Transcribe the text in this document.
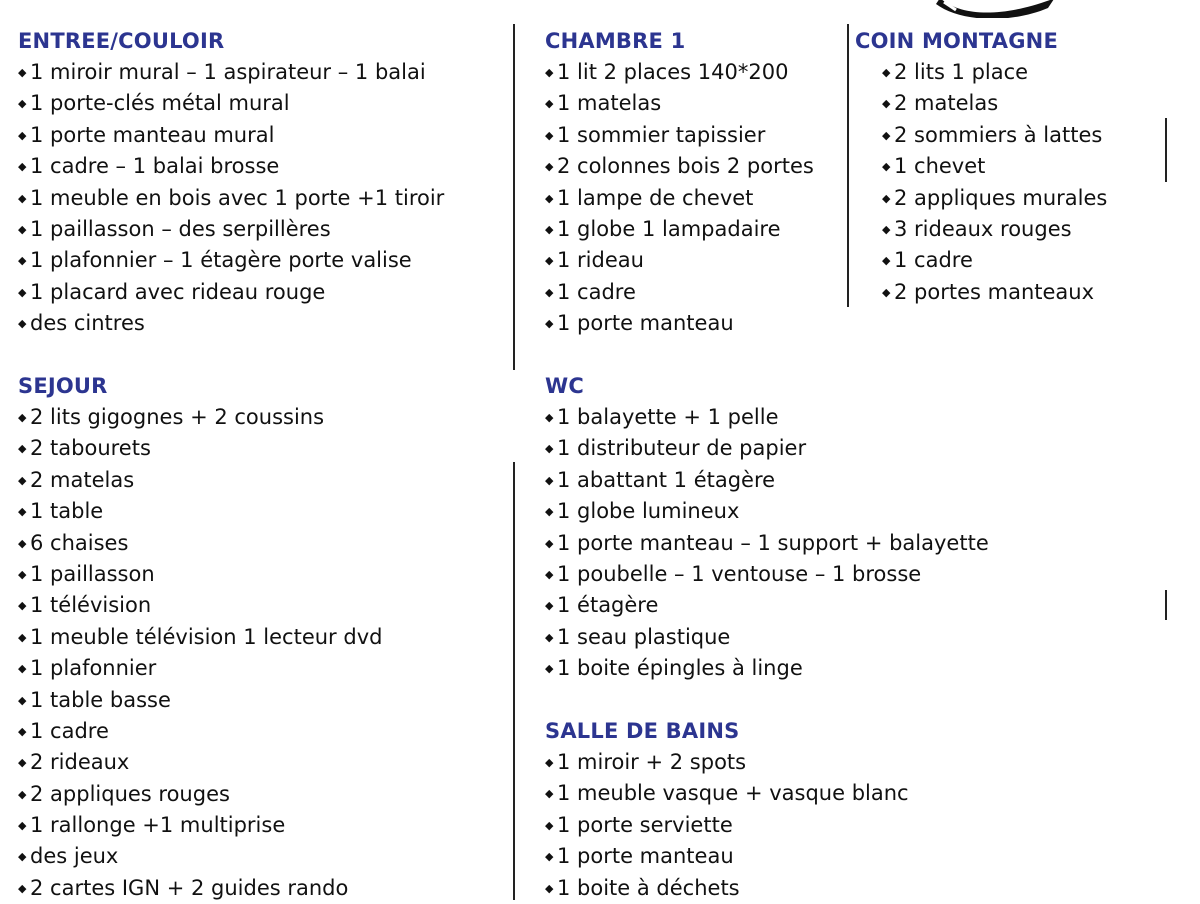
ENTREE/COULOIR
◆ 1 miroir mural – 1 aspirateur – 1 balai
◆ 1 porte-clés métal mural
◆ 1 porte manteau mural
◆ 1 cadre – 1 balai brosse
◆ 1 meuble en bois avec 1 porte +1 tiroir
◆ 1 paillasson – des serpillères
◆ 1 plafonnier – 1 étagère porte valise
◆ 1 placard avec rideau rouge
◆ des cintres
SEJOUR
◆ 2 lits gigognes + 2 coussins
◆ 2 tabourets
◆ 2 matelas
◆ 1 table
◆ 6 chaises
◆ 1 paillasson
◆ 1 télévision
◆ 1 meuble télévision 1 lecteur dvd
◆ 1 plafonnier
◆ 1 table basse
◆ 1 cadre
◆ 2 rideaux
◆ 2 appliques rouges
◆ 1 rallonge +1 multiprise
◆ des jeux
◆ 2 cartes IGN + 2 guides rando
CHAMBRE 1
◆ 1 lit 2 places 140*200
◆ 1 matelas
◆ 1 sommier tapissier
◆ 2 colonnes bois 2 portes
◆ 1 lampe de chevet
◆ 1 globe 1 lampadaire
◆ 1 rideau
◆ 1 cadre
◆ 1 porte manteau
COIN MONTAGNE
◆ 2 lits 1 place
◆ 2 matelas
◆ 2 sommiers à lattes
◆ 1 chevet
◆ 2 appliques murales
◆ 3 rideaux rouges
◆ 1 cadre
◆ 2 portes manteaux
WC
◆ 1 balayette + 1 pelle
◆ 1 distributeur de papier
◆ 1 abattant 1 étagère
◆ 1 globe lumineux
◆ 1 porte manteau – 1 support + balayette
◆ 1 poubelle – 1 ventouse – 1 brosse
◆ 1 étagère
◆ 1 seau plastique
◆ 1 boite épingles à linge
SALLE DE BAINS
◆ 1 miroir + 2 spots
◆ 1 meuble vasque + vasque blanc
◆ 1 porte serviette
◆ 1 porte manteau
◆ 1 boite à déchets
